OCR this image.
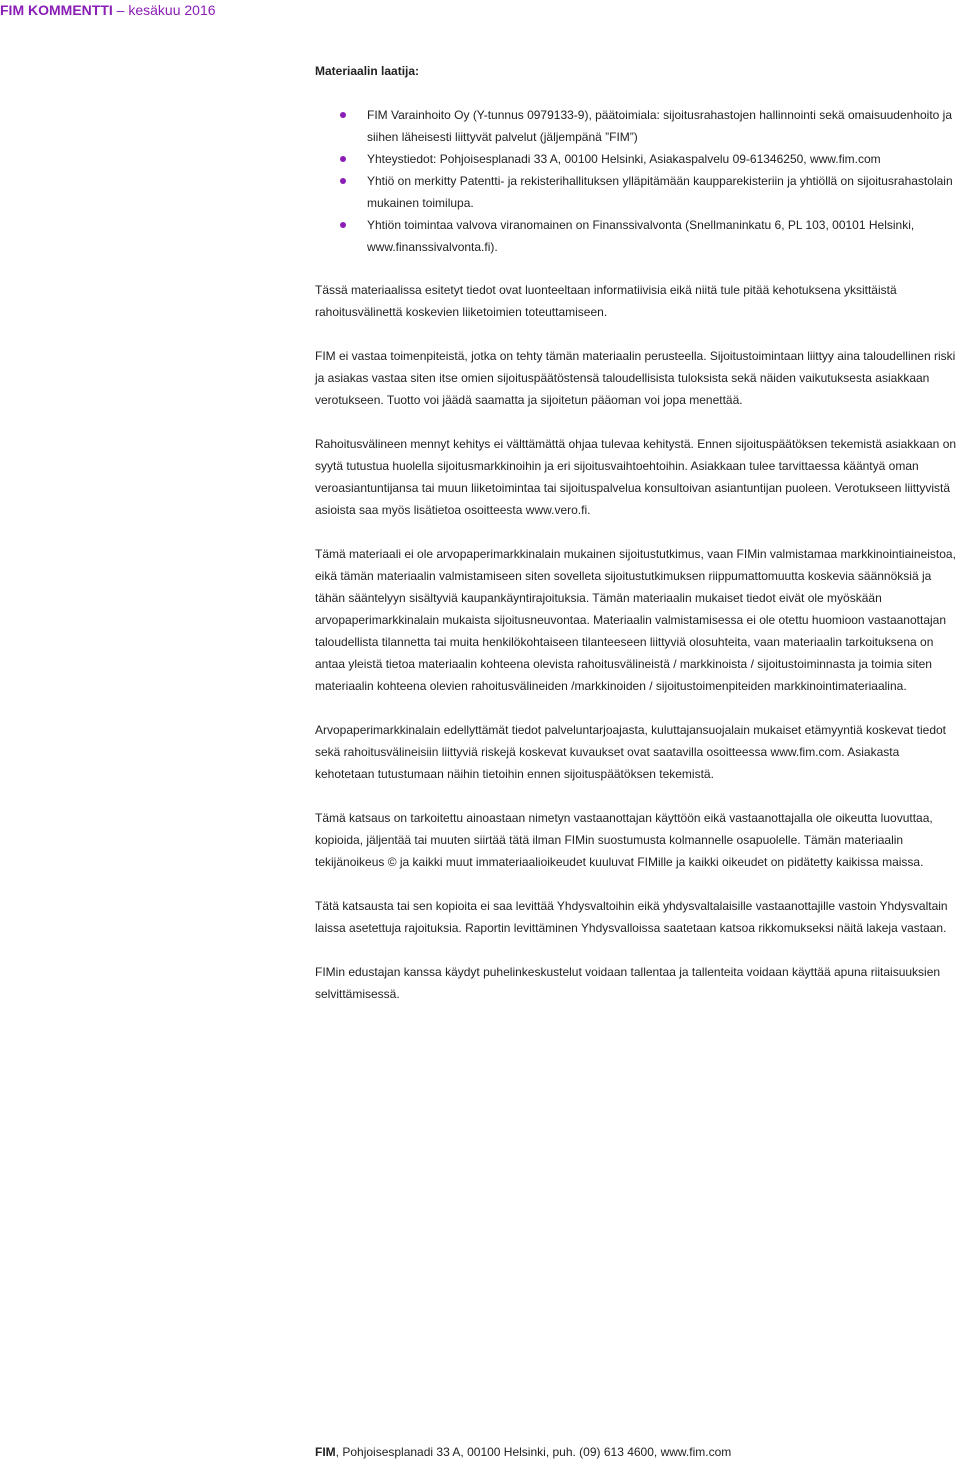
FIM KOMMENTTI – kesäkuu 2016
Materiaalin laatija:
FIM Varainhoito Oy (Y-tunnus 0979133-9), päätoimiala: sijoitusrahastojen hallinnointi sekä omaisuudenhoito ja siihen läheisesti liittyvät palvelut (jäljempänä ”FIM”)
Yhteystiedot: Pohjoisesplanadi 33 A, 00100 Helsinki, Asiakaspalvelu 09-61346250, www.fim.com
Yhtiö on merkitty Patentti- ja rekisterihallituksen ylläpitämään kaupparekisteriin ja yhtiöllä on sijoitusrahastolain mukainen toimilupa.
Yhtiön toimintaa valvova viranomainen on Finanssivalvonta (Snellmaninkatu 6, PL 103, 00101 Helsinki, www.finanssivalvonta.fi).

Tässä materiaalissa esitetyt tiedot ovat luonteeltaan informatiivisia eikä niitä tule pitää kehotuksena yksittäistä rahoitusvälinettä koskevien liiketoimien toteuttamiseen.

FIM ei vastaa toimenpiteistä, jotka on tehty tämän materiaalin perusteella. Sijoitustoimintaan liittyy aina taloudellinen riski ja asiakas vastaa siten itse omien sijoituspäätöstensä taloudellisista tuloksista sekä näiden vaikutuksesta asiakkaan verotukseen. Tuotto voi jäädä saamatta ja sijoitetun pääoman voi jopa menettää.

Rahoitusvälineen mennyt kehitys ei välttämättä ohjaa tulevaa kehitystä. Ennen sijoituspäätöksen tekemistä asiakkaan on syytä tutustua huolella sijoitusmarkkinoihin ja eri sijoitusvaihtoehtoihin. Asiakkaan tulee tarvittaessa kääntyä oman veroasiantuntijansa tai muun liiketoimintaa tai sijoituspalvelua konsultoivan asiantuntijan puoleen. Verotukseen liittyvistä asioista saa myös lisätietoa osoitteesta www.vero.fi.

Tämä materiaali ei ole arvopaperimarkkinalain mukainen sijoitustutkimus, vaan FIMin valmistamaa markkinointiaineistoa, eikä tämän materiaalin valmistamiseen siten sovelleta sijoitustutkimuksen riippumattomuutta koskevia säännöksiä ja tähän sääntelyyn sisältyviä kaupankäyntirajoituksia. Tämän materiaalin mukaiset tiedot eivät ole myöskään arvopaperimarkkinalain mukaista sijoitusneuvontaa. Materiaalin valmistamisessa ei ole otettu huomioon vastaanottajan taloudellista tilannetta tai muita henkilökohtaiseen tilanteeseen liittyviä olosuhteita, vaan materiaalin tarkoituksena on antaa yleistä tietoa materiaalin kohteena olevista rahoitusvälineistä / markkinoista / sijoitustoiminnasta ja toimia siten materiaalin kohteena olevien rahoitusvälineiden /markkinoiden / sijoitustoimenpiteiden markkinointimateriaalina.

Arvopaperimarkkinalain edellyttämät tiedot palveluntarjoajasta, kuluttajansuojalain mukaiset etämyyntiä koskevat tiedot sekä rahoitusvälineisiin liittyviä riskejä koskevat kuvaukset ovat saatavilla osoitteessa www.fim.com. Asiakasta kehotetaan tutustumaan näihin tietoihin ennen sijoituspäätöksen tekemistä.

Tämä katsaus on tarkoitettu ainoastaan nimetyn vastaanottajan käyttöön eikä vastaanottajalla ole oikeutta luovuttaa, kopioida, jäljentää tai muuten siirtää tätä ilman FIMin suostumusta kolmannelle osapuolelle. Tämän materiaalin tekijänoikeus © ja kaikki muut immateriaalioikeudet kuuluvat FIMille ja kaikki oikeudet on pidätetty kaikissa maissa.

Tätä katsausta tai sen kopioita ei saa levittää Yhdysvaltoihin eikä yhdysvaltalaisille vastaanottajille vastoin Yhdysvaltain laissa asetettuja rajoituksia. Raportin levittäminen Yhdysvalloissa saatetaan katsoa rikkomukseksi näitä lakeja vastaan.

FIMin edustajan kanssa käydyt puhelinkeskustelut voidaan tallentaa ja tallenteita voidaan käyttää apuna riitaisuuksien selvittämisessä.

FIM, Pohjoisesplanadi 33 A, 00100 Helsinki, puh. (09) 613 4600, www.fim.com
